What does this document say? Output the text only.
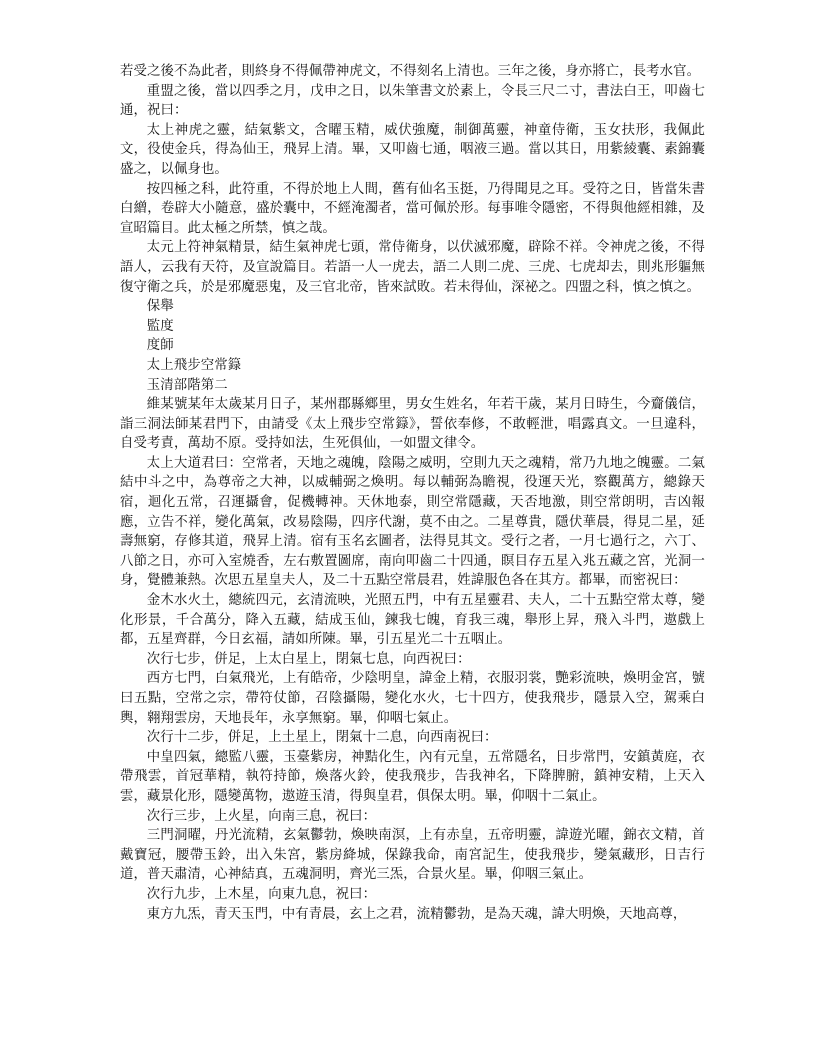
若受之後不為此者，則終身不得佩帶神虎文，不得刻名上清也。三年之後，身亦將亡，長考水官。

重盟之後，當以四季之月，戊申之日，以朱筆書文於素上，令長三尺二寸，書法白王，叩齒七通，祝曰：

太上神虎之靈，結氣紫文，含曜玉精，威伏強魔，制御萬靈，神童侍衛，玉女扶形，我佩此文，役使金兵，得為仙王，飛昇上清。畢，又叩齒七通，咽液三過。當以其日，用紫綾囊、素錦囊盛之，以佩身也。

按四極之科，此符重，不得於地上人間，舊有仙名玉挺，乃得聞見之耳。受符之日，皆當朱書白繒，卷辟大小隨意，盛於囊中，不經淹濁者，當可佩於形。每事唯令隱密，不得與他經相雜，及宣昭篇目。此太極之所禁，慎之哉。

太元上符神氣精景，結生氣神虎七頭，常侍衛身，以伏滅邪魔，辟除不祥。令神虎之後，不得語人，云我有天符，及宣說篇目。若語一人一虎去，語二人則二虎、三虎、七虎却去，則兆形軀無復守衛之兵，於是邪魔惡鬼，及三官北帝，皆來試敗。若未得仙，深祕之。四盟之科，慎之慎之。

保舉

監度

度師

太上飛步空常籙

玉清部階第二

維某號某年太歲某月日子，某州郡縣鄉里，男女生姓名，年若干歲，某月日時生，今齎儀信，詣三洞法師某君門下，由請受《太上飛步空常籙》，誓依奉修，不敢輕泄，唱露真文。一旦違科，自受考責，萬劫不原。受持如法，生死俱仙，一如盟文律令。

太上大道君曰：空常者，天地之魂魄，陰陽之威明，空則九天之魂精，常乃九地之魄靈。二氣結中斗之中，為尊帝之大神，以威輔弼之煥明。每以輔弼為瞻視，役運天光，察觀萬方，總錄天宿，迴化五常，召運攝會，促機轉神。天休地泰，則空常隱藏，天否地激，則空常朗明，吉凶報應，立告不祥，變化萬氣，改易陰陽，四序代謝，莫不由之。二星尊貴，隱伏華晨，得見二星，延壽無窮，存修其道，飛昇上清。宿有玉名玄圖者，法得見其文。受行之者，一月七過行之，六丁、八節之日，亦可入室燒香，左右敷置圖席，南向叩齒二十四通，瞑目存五星入兆五藏之宮，光洞一身，覺體兼熱。次思五星皇夫人，及二十五點空常晨君，姓諱服色各在其方。都畢，而密祝曰：

金木水火土，總統四元，玄清流映，光照五門，中有五星靈君、夫人，二十五點空常太尊，變化形景，千合萬分，降入五藏，結成玉仙，鍊我七魄，育我三魂，舉形上昇，飛入斗門，遨戲上都，五星齊群，今日玄福，請如所陳。畢，引五星光二十五咽止。

次行七步，併足，上太白星上，閉氣七息，向西祝曰：

西方七門，白氣飛光，上有皓帝，少陰明皇，諱金上精，衣服羽裳，艷彩流映，煥明金宮，號曰五點，空常之宗，帶符仗節，召陰攝陽，變化水火，七十四方，使我飛步，隱景入空，駕乘白輿，翱翔雲房，天地長年，永享無窮。畢，仰咽七氣止。

次行十二步，併足，上土星上，閉氣十二息，向西南祝曰：

中皇四氣，總監八靈，玉臺紫房，神黠化生，內有元皇，五常隱名，日步常門，安鎮黃庭，衣帶飛雲，首冠華精，執符持節，煥落火鈴，使我飛步，告我神名，下降脾腑，鎮神安精，上天入雲，藏景化形，隱變萬物，遨遊玉清，得與皇君，俱保太明。畢，仰咽十二氣止。

次行三步，上火星，向南三息，祝曰：

三門洞曜，丹光流精，玄氣鬱勃，煥映南溟，上有赤皇，五帝明靈，諱遊光曜，錦衣文精，首戴寶冠，腰帶玉鈴，出入朱宮，紫房絳城，保錄我命，南宮記生，使我飛步，變氣藏形，日吉行道，普天肅清，心神結真，五魂洞明，齊光三炁，合景火星。畢，仰咽三氣止。

次行九步，上木星，向東九息，祝曰：

東方九炁，青天玉門，中有青晨，玄上之君，流精鬱勃，是為天魂，諱大明煥，天地高尊，
